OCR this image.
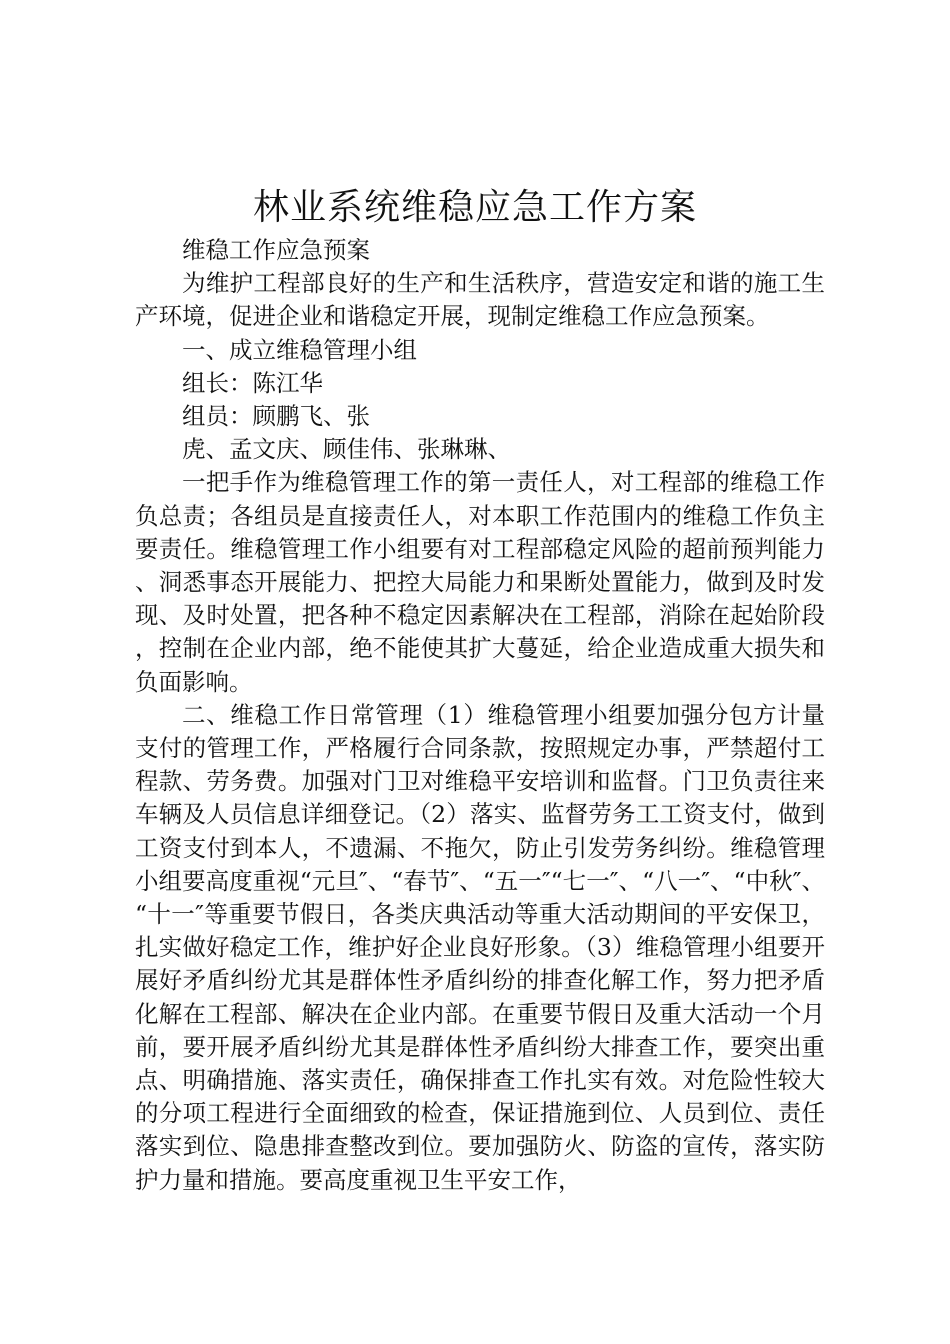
林业系统维稳应急工作方案

维稳工作应急预案

为维护工程部良好的生产和生活秩序，营造安定和谐的施工生产环境，促进企业和谐稳定开展，现制定维稳工作应急预案。

一、成立维稳管理小组

组长：陈江华

组员：顾鹏飞、张

虎、孟文庆、顾佳伟、张琳琳、

一把手作为维稳管理工作的第一责任人，对工程部的维稳工作负总责；各组员是直接责任人，对本职工作范围内的维稳工作负主要责任。维稳管理工作小组要有对工程部稳定风险的超前预判能力、洞悉事态开展能力、把控大局能力和果断处置能力，做到及时发现、及时处置，把各种不稳定因素解决在工程部，消除在起始阶段，控制在企业内部，绝不能使其扩大蔓延，给企业造成重大损失和负面影响。

二、维稳工作日常管理（1）维稳管理小组要加强分包方计量支付的管理工作，严格履行合同条款，按照规定办事，严禁超付工程款、劳务费。加强对门卫对维稳平安培训和监督。门卫负责往来车辆及人员信息详细登记。（2）落实、监督劳务工工资支付，做到工资支付到本人，不遗漏、不拖欠，防止引发劳务纠纷。维稳管理小组要高度重视“元旦″、“春节″、“五一″“七一″、“八一″、“中秋″、“十一″等重要节假日，各类庆典活动等重大活动期间的平安保卫，扎实做好稳定工作，维护好企业良好形象。（3）维稳管理小组要开展好矛盾纠纷尤其是群体性矛盾纠纷的排查化解工作，努力把矛盾化解在工程部、解决在企业内部。在重要节假日及重大活动一个月前，要开展矛盾纠纷尤其是群体性矛盾纠纷大排查工作，要突出重点、明确措施、落实责任，确保排查工作扎实有效。对危险性较大的分项工程进行全面细致的检查，保证措施到位、人员到位、责任落实到位、隐患排查整改到位。要加强防火、防盗的宣传，落实防护力量和措施。要高度重视卫生平安工作，
